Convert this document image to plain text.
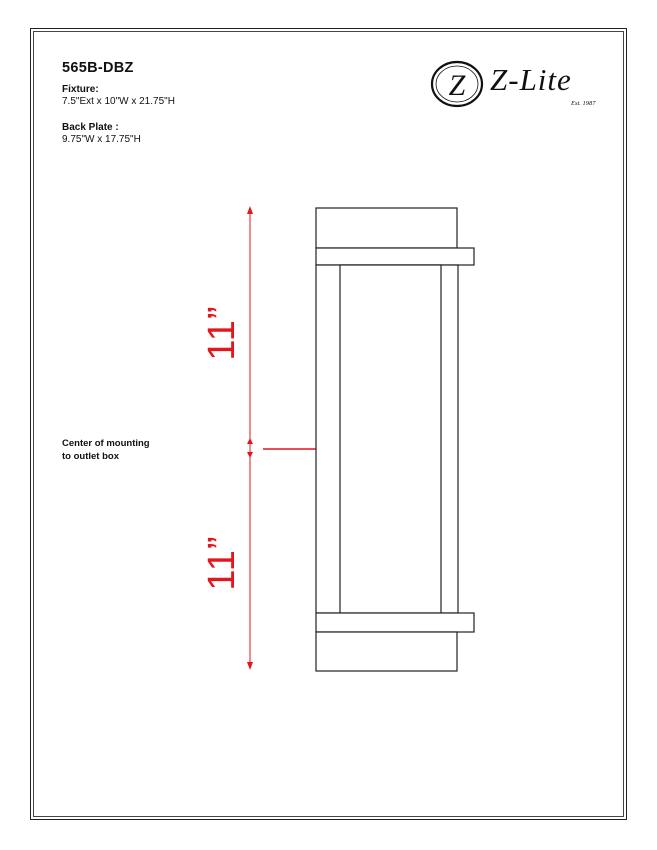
565B-DBZ
Fixture:
7.5"Ext x 10"W x 21.75"H
Back Plate :
9.75"W x 17.75"H
Z Z-Lite
Est. 1987
11”
11”
Center of mounting
to outlet box
